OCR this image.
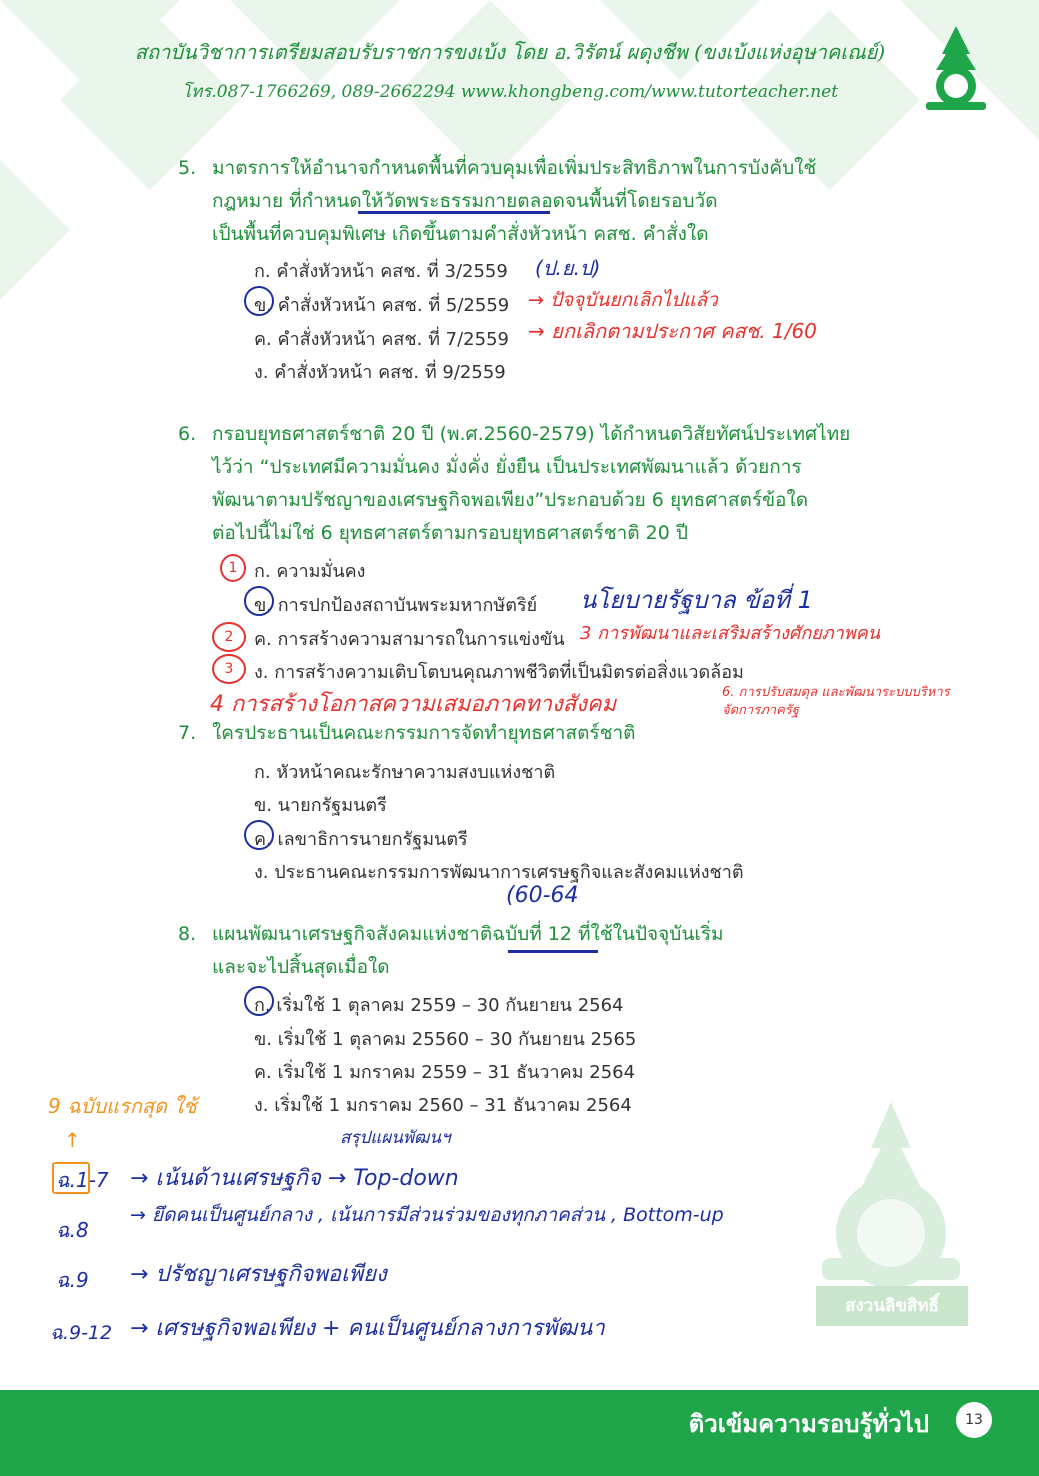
สถาบันวิชาการเตรียมสอบรับราชการขงเบ้ง โดย อ.วิรัตน์ ผดุงชีพ (ขงเบ้งแห่งอุษาคเณย์)
โทร.087-1766269, 089-2662294 www.khongbeng.com/www.tutorteacher.net
5. มาตรการให้อำนาจกำหนดพื้นที่ควบคุมเพื่อเพิ่มประสิทธิภาพในการบังคับใช้
กฎหมาย ที่กำหนดให้วัดพระธรรมกายตลอดจนพื้นที่โดยรอบวัด
เป็นพื้นที่ควบคุมพิเศษ เกิดขึ้นตามคำสั่งหัวหน้า คสช. คำสั่งใด
ก. คำสั่งหัวหน้า คสช. ที่ 3/2559
ข. คำสั่งหัวหน้า คสช. ที่ 5/2559
ค. คำสั่งหัวหน้า คสช. ที่ 7/2559
ง. คำสั่งหัวหน้า คสช. ที่ 9/2559
(ป.ย.ป)
→ ปัจจุบันยกเลิกไปแล้ว
→ ยกเลิกตามประกาศ คสช. 1/60
6. กรอบยุทธศาสตร์ชาติ 20 ปี (พ.ศ.2560-2579) ได้กำหนดวิสัยทัศน์ประเทศไทย
ไว้ว่า “ประเทศมีความมั่นคง มั่งคั่ง ยั่งยืน เป็นประเทศพัฒนาแล้ว ด้วยการ
พัฒนาตามปรัชญาของเศรษฐกิจพอเพียง”ประกอบด้วย 6 ยุทธศาสตร์ข้อใด
ต่อไปนี้ไม่ใช่ 6 ยุทธศาสตร์ตามกรอบยุทธศาสตร์ชาติ 20 ปี
ก. ความมั่นคง
ข. การปกป้องสถาบันพระมหากษัตริย์
ค. การสร้างความสามารถในการแข่งขัน
ง. การสร้างความเติบโตบนคุณภาพชีวิตที่เป็นมิตรต่อสิ่งแวดล้อม
1
2
3
นโยบายรัฐบาล ข้อที่ 1
3 การพัฒนาและเสริมสร้างศักยภาพคน
4 การสร้างโอกาสความเสมอภาคทางสังคม	6. การปรับสมดุล และพัฒนาระบบบริหารจัดการภาครัฐ
7. ใครประธานเป็นคณะกรรมการจัดทำยุทธศาสตร์ชาติ
ก. หัวหน้าคณะรักษาความสงบแห่งชาติ
ข. นายกรัฐมนตรี
ค. เลขาธิการนายกรัฐมนตรี
ง. ประธานคณะกรรมการพัฒนาการเศรษฐกิจและสังคมแห่งชาติ
(60-64
8. แผนพัฒนาเศรษฐกิจสังคมแห่งชาติฉบับที่ 12 ที่ใช้ในปัจจุบันเริ่ม
และจะไปสิ้นสุดเมื่อใด
ก. เริ่มใช้ 1 ตุลาคม 2559 – 30 กันยายน 2564
ข. เริ่มใช้ 1 ตุลาคม 25560 – 30 กันยายน 2565
ค. เริ่มใช้ 1 มกราคม 2559 – 31 ธันวาคม 2564
ง. เริ่มใช้ 1 มกราคม 2560 – 31 ธันวาคม 2564
9 ฉบับแรกสุด ใช้
↑	สรุปแผนพัฒนฯ
ฉ.1-7 → เน้นด้านเศรษฐกิจ → Top-down
ฉ.8
→ ยึดคนเป็นศูนย์กลาง , เน้นการมีส่วนร่วมของทุกภาคส่วน , Bottom-up
ฉ.9 → ปรัชญาเศรษฐกิจพอเพียง
ฉ.9-12 → เศรษฐกิจพอเพียง + คนเป็นศูนย์กลางการพัฒนา
สงวนลิขสิทธิ์
ติวเข้มความรอบรู้ทั่วไป	13
